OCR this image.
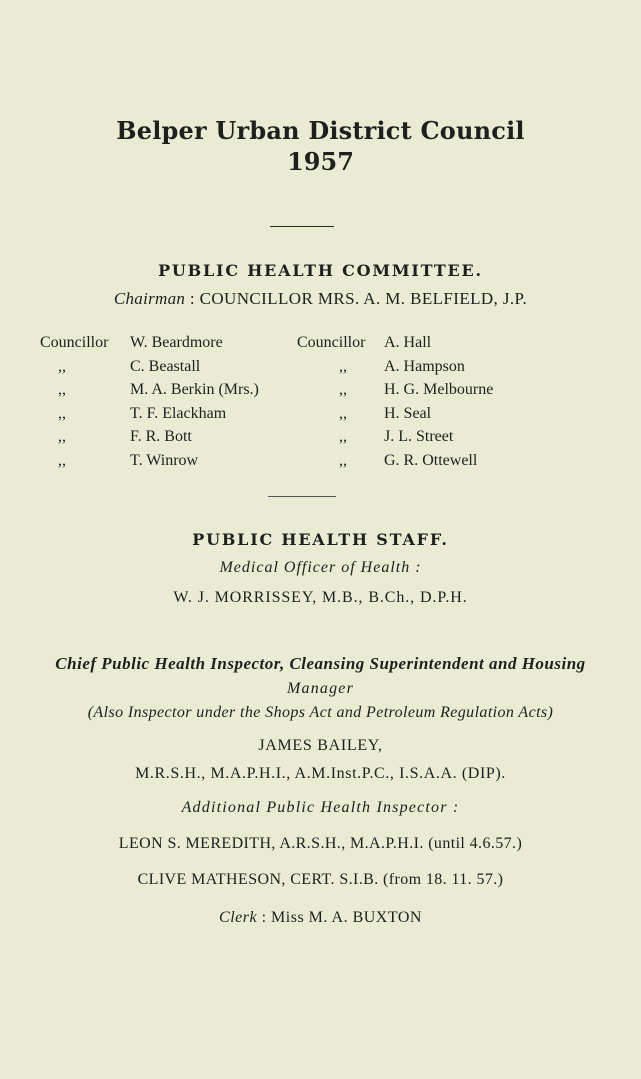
Belper Urban District Council
1957
PUBLIC HEALTH COMMITTEE.
Chairman : COUNCILLOR MRS. A. M. BELFIELD, J.P.
Councillor
,,
,,
,,
,,
,,
W. Beardmore
C. Beastall
M. A. Berkin (Mrs.)
T. F. Elackham
F. R. Bott
T. Winrow
Councillor
,,
,,
,,
,,
,,
A. Hall
A. Hampson
H. G. Melbourne
H. Seal
J. L. Street
G. R. Ottewell
PUBLIC HEALTH STAFF.
Medical Officer of Health :
W. J. MORRISSEY, M.B., B.Ch., D.P.H.
Chief Public Health Inspector, Cleansing Superintendent and Housing
Manager
(Also Inspector under the Shops Act and Petroleum Regulation Acts)
JAMES BAILEY,
M.R.S.H., M.A.P.H.I., A.M.Inst.P.C., I.S.A.A. (DIP).
Additional Public Health Inspector :
LEON S. MEREDITH, A.R.S.H., M.A.P.H.I. (until 4.6.57.)
CLIVE MATHESON, CERT. S.I.B. (from 18. 11. 57.)
Clerk : Miss M. A. BUXTON
